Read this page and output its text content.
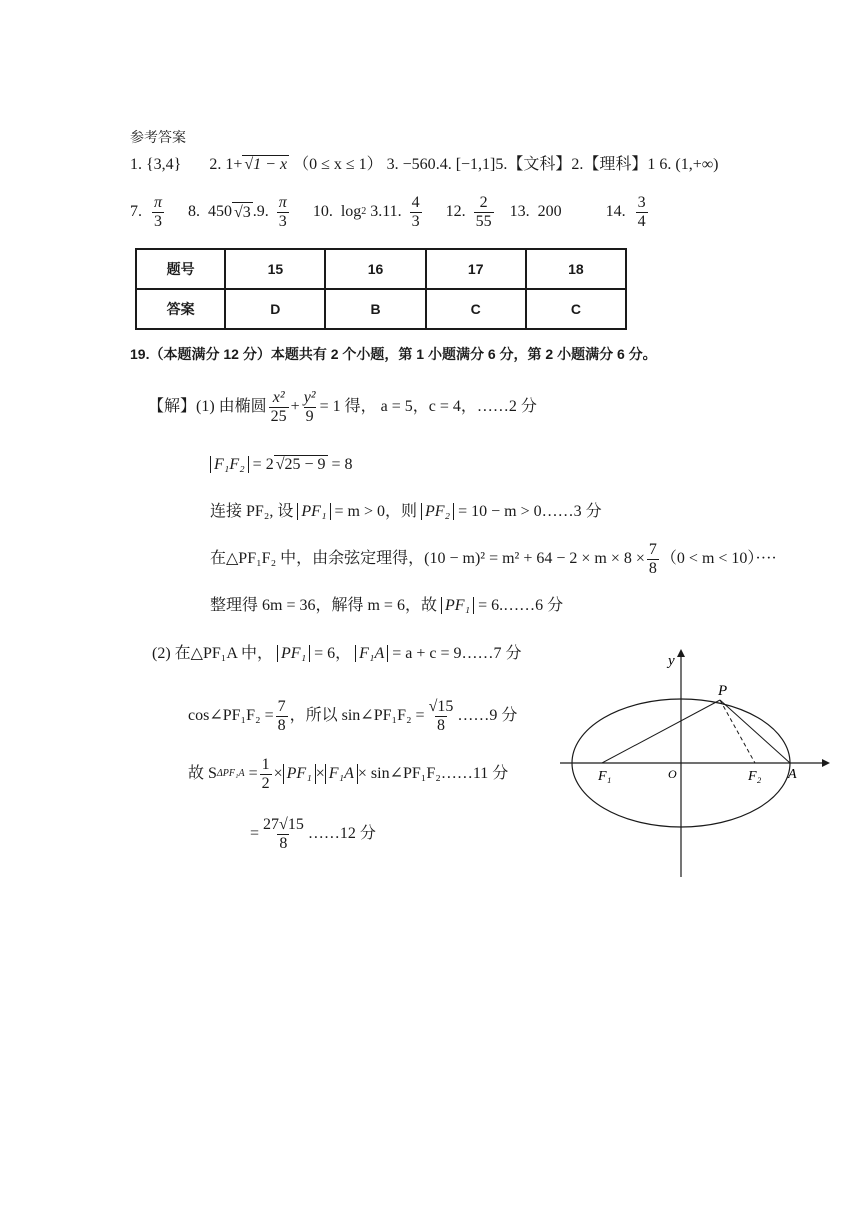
参考答案
1. {3,4} 2. 1+ √1 − x （0 ≤ x ≤ 1） 3. −560.4. [−1,1]5.【文科】2.【理科】1 6. (1,+∞)
7. $\frac{\pi}{3} 8$. 450 √3 .9. $\frac{\pi}{3} 10$. log 2 3 .11. $\frac{4}{3} 12$. $\frac{2}{55} 13$. 200	14. $\frac{3}{4}$
题号	15	16	17	18
答案	D	B	C	C
19.（本题满分 12 分）本题共有 2 个小题，第 1 小题满分 6 分，第 2 小题满分 6 分。
【解】(1) 由椭圆 $\frac{\text{x²}}{25} + \frac{\text{y²}}{9} = 1$ 得， a = 5，c = 4，……2 分
F₁F₂ = 2 √25 − 9 = 8
连接 PF₂, 设 PF₁ = m > 0，则 PF₂ = 10 − m > 0……3 分
在△PF₁F₂ 中，由余弦定理得，$(10 - m)^2 = m^2 + 64 - 2 \times m \times 8 \times \frac{7}{8} (0 < m < 10)\cdot\cdot\cdot\cdot$
整理得 6m = 36，解得 m = 6，故 PF₁ = 6.……6 分
(2) 在△PF₁A 中， PF₁ = 6， F₁A = a + c = 9……7 分
cos∠PF₁F₂ = $\frac{7}{8}$ ，所以 sin∠PF₁F₂ = $\frac{√15}{8}$ ……9 分
故 S $\Delta PF_1A = \frac{1}{2} \times PF_1 \times F_1A$ × sin∠PF₁F₂……11 分
= $\frac{27√15}{8}$ ……12 分
y
P
O
F₁	F₂ A
